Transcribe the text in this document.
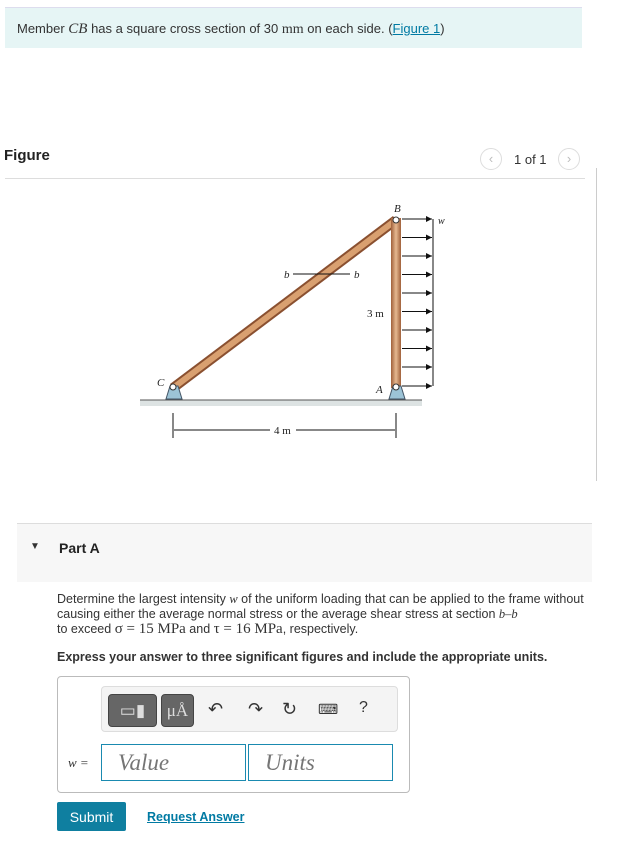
Member CB has a square cross section of 30 mm on each side. (Figure 1)
Figure	‹	1 of 1	›
B
C
A
w
b	b
3 m
4 m
▼ Part A
Determine the largest intensity w of the uniform loading that can be applied to the frame without causing either the average normal stress or the average shear stress at section b–b
to exceed σ = 15 MPa and τ = 16 MPa, respectively.
Express your answer to three significant figures and include the appropriate units.
▭▮	μÅ	↶ ↷ ↻ ⌨ ?
w =
Value
Units
Submit	Request Answer
